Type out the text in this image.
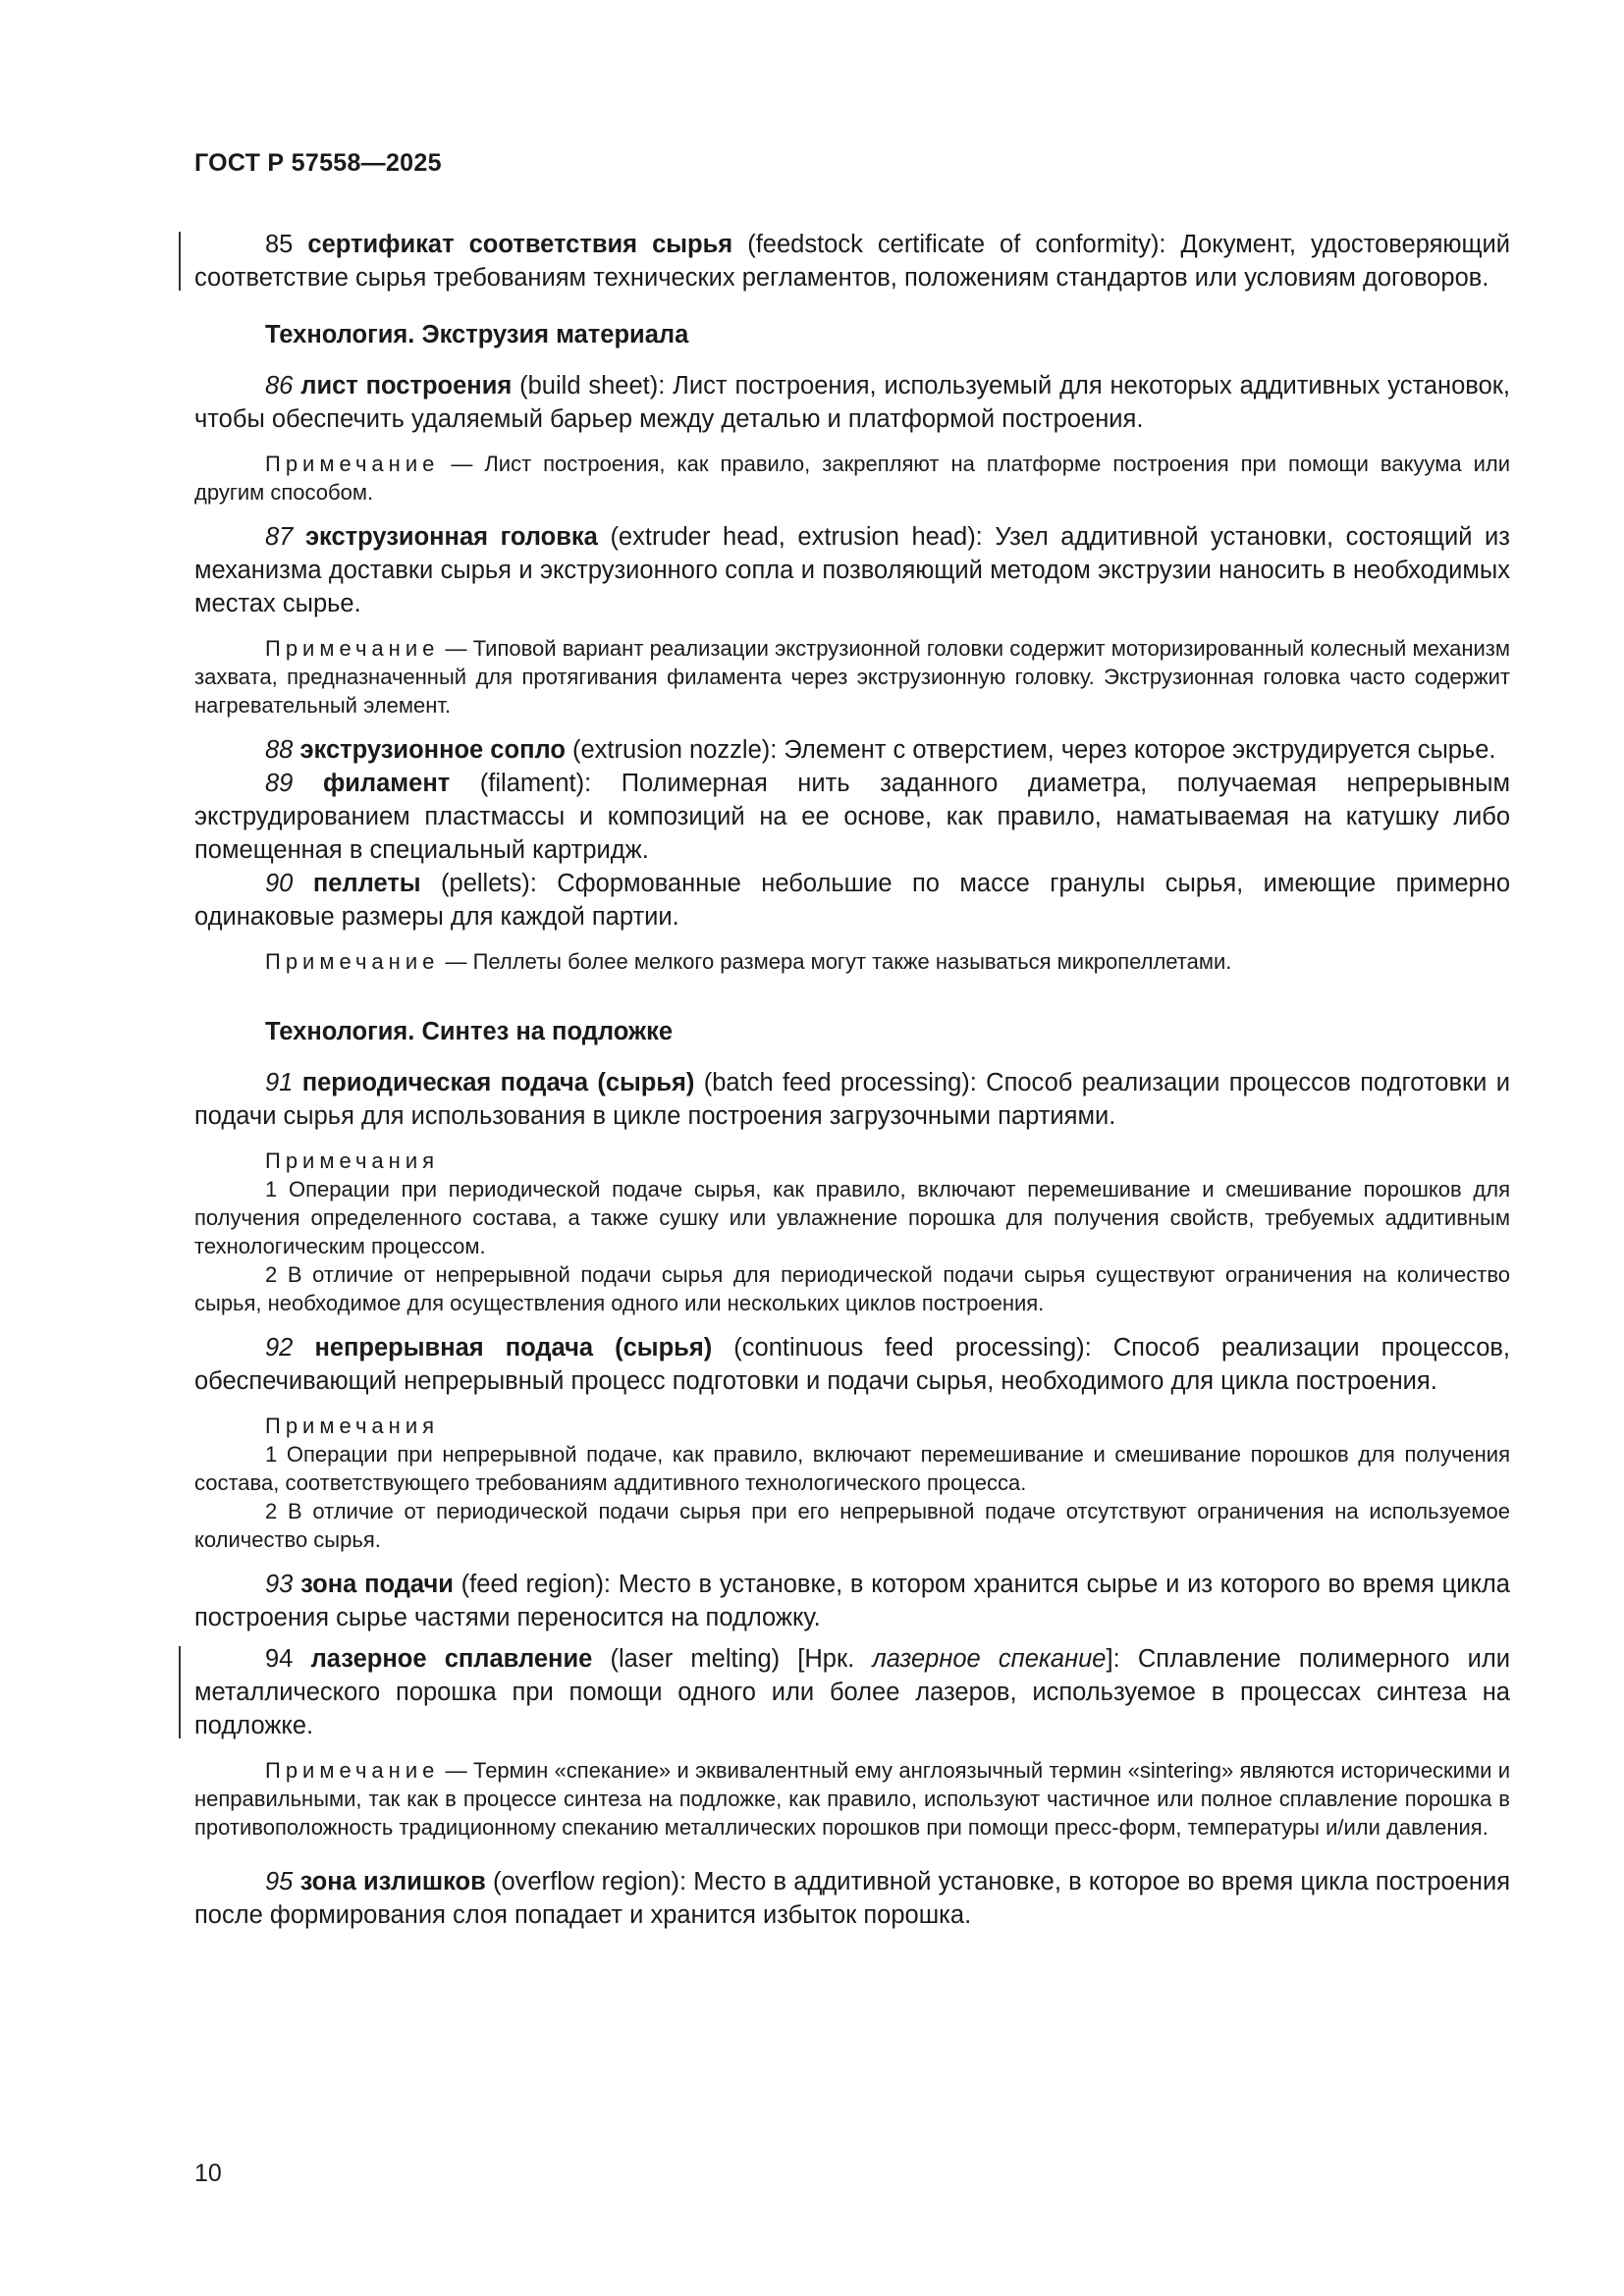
ГОСТ Р 57558—2025

85 сертификат соответствия сырья (feedstock certificate of conformity): Документ, удостоверяющий соответствие сырья требованиям технических регламентов, положениям стандартов или условиям договоров.

Технология. Экструзия материала

86 лист построения (build sheet): Лист построения, используемый для некоторых аддитивных установок, чтобы обеспечить удаляемый барьер между деталью и платформой построения.

Примечание — Лист построения, как правило, закрепляют на платформе построения при помощи вакуума или другим способом.

87 экструзионная головка (extruder head, extrusion head): Узел аддитивной установки, состоящий из механизма доставки сырья и экструзионного сопла и позволяющий методом экструзии наносить в необходимых местах сырье.

Примечание — Типовой вариант реализации экструзионной головки содержит моторизированный колесный механизм захвата, предназначенный для протягивания филамента через экструзионную головку. Экструзионная головка часто содержит нагревательный элемент.

88 экструзионное сопло (extrusion nozzle): Элемент с отверстием, через которое экструдируется сырье.

89 филамент (filament): Полимерная нить заданного диаметра, получаемая непрерывным экструдированием пластмассы и композиций на ее основе, как правило, наматываемая на катушку либо помещенная в специальный картридж.

90 пеллеты (pellets): Сформованные небольшие по массе гранулы сырья, имеющие примерно одинаковые размеры для каждой партии.

Примечание — Пеллеты более мелкого размера могут также называться микропеллетами.

Технология. Синтез на подложке

91 периодическая подача (сырья) (batch feed processing): Способ реализации процессов подготовки и подачи сырья для использования в цикле построения загрузочными партиями.

Примечания

1 Операции при периодической подаче сырья, как правило, включают перемешивание и смешивание порошков для получения определенного состава, а также сушку или увлажнение порошка для получения свойств, требуемых аддитивным технологическим процессом.

2 В отличие от непрерывной подачи сырья для периодической подачи сырья существуют ограничения на количество сырья, необходимое для осуществления одного или нескольких циклов построения.

92 непрерывная подача (сырья) (continuous feed processing): Способ реализации процессов, обеспечивающий непрерывный процесс подготовки и подачи сырья, необходимого для цикла построения.

Примечания

1 Операции при непрерывной подаче, как правило, включают перемешивание и смешивание порошков для получения состава, соответствующего требованиям аддитивного технологического процесса.

2 В отличие от периодической подачи сырья при его непрерывной подаче отсутствуют ограничения на используемое количество сырья.

93 зона подачи (feed region): Место в установке, в котором хранится сырье и из которого во время цикла построения сырье частями переносится на подложку.

94 лазерное сплавление (laser melting) [Нрк. лазерное спекание]: Сплавление полимерного или металлического порошка при помощи одного или более лазеров, используемое в процессах синтеза на подложке.

Примечание — Термин «спекание» и эквивалентный ему англоязычный термин «sintering» являются историческими и неправильными, так как в процессе синтеза на подложке, как правило, используют частичное или полное сплавление порошка в противоположность традиционному спеканию металлических порошков при помощи пресс-форм, температуры и/или давления.

95 зона излишков (overflow region): Место в аддитивной установке, в которое во время цикла построения после формирования слоя попадает и хранится избыток порошка.

10
